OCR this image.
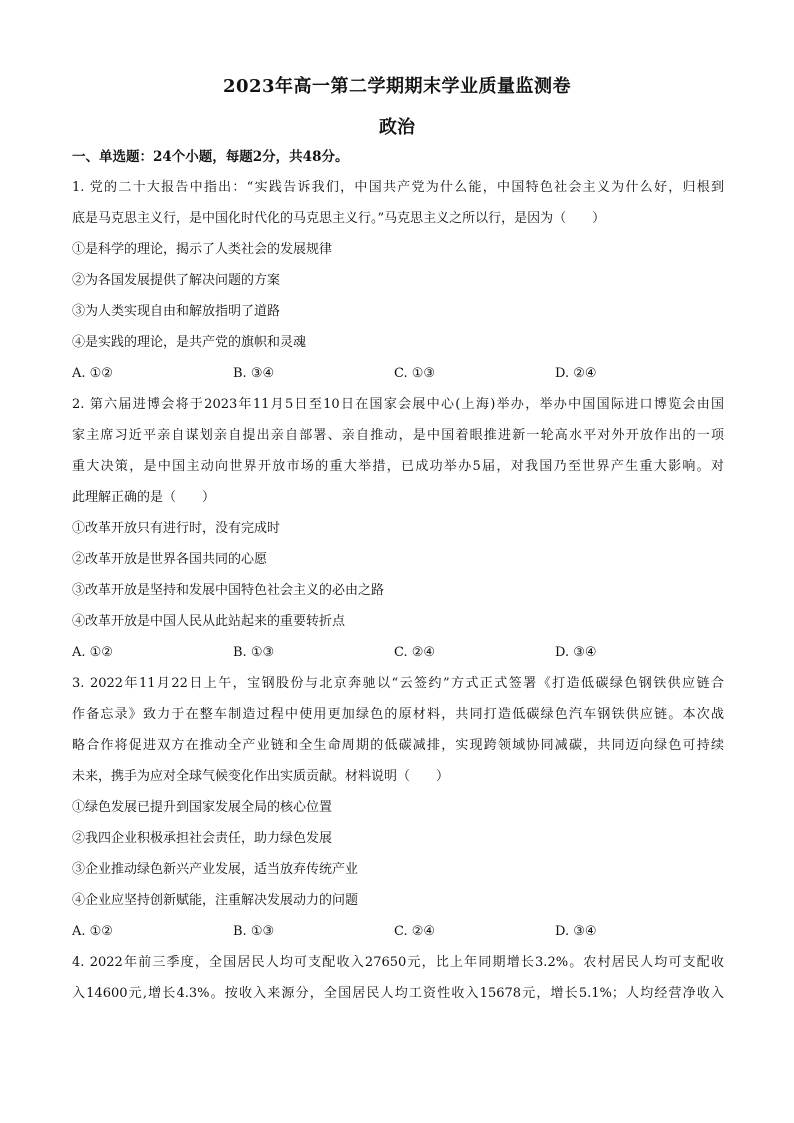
2023年高一第二学期期末学业质量监测卷
政治
一、单选题：24个小题，每题2分，共48分。
1. 党的二十大报告中指出：“实践告诉我们，中国共产党为什么能，中国特色社会主义为什么好，归根到
底是马克思主义行，是中国化时代化的马克思主义行。”马克思主义之所以行，是因为（　　）
①是科学的理论，揭示了人类社会的发展规律
②为各国发展提供了解决问题的方案
③为人类实现自由和解放指明了道路
④是实践的理论，是共产党的旗帜和灵魂
A. ①②	B. ③④	C. ①③	D. ②④
2. 第六届进博会将于2023年11月5日至10日在国家会展中心(上海)举办，举办中国国际进口博览会由国
家主席习近平亲自谋划亲自提出亲自部署、亲自推动，是中国着眼推进新一轮高水平对外开放作出的一项
重大决策，是中国主动向世界开放市场的重大举措，已成功举办5届，对我国乃至世界产生重大影响。对
此理解正确的是（　　）
①改革开放只有进行时，没有完成时
②改革开放是世界各国共同的心愿
③改革开放是坚持和发展中国特色社会主义的必由之路
④改革开放是中国人民从此站起来的重要转折点
A. ①②	B. ①③	C. ②④	D. ③④
3. 2022年11月22日上午，宝钢股份与北京奔驰以“云签约”方式正式签署《打造低碳绿色钢铁供应链合
作备忘录》致力于在整车制造过程中使用更加绿色的原材料，共同打造低碳绿色汽车钢铁供应链。本次战
略合作将促进双方在推动全产业链和全生命周期的低碳减排，实现跨领域协同减碳，共同迈向绿色可持续
未来，携手为应对全球气候变化作出实质贡献。材料说明（　　）
①绿色发展已提升到国家发展全局的核心位置
②我四企业积极承担社会责任，助力绿色发展
③企业推动绿色新兴产业发展，适当放弃传统产业
④企业应坚持创新赋能，注重解决发展动力的问题
A. ①②	B. ①③	C. ②④	D. ③④
4. 2022年前三季度，全国居民人均可支配收入27650元，比上年同期增长3.2%。农村居民人均可支配收
入14600元,增长4.3%。按收入来源分，全国居民人均工资性收入15678元，增长5.1%；人均经营净收入
